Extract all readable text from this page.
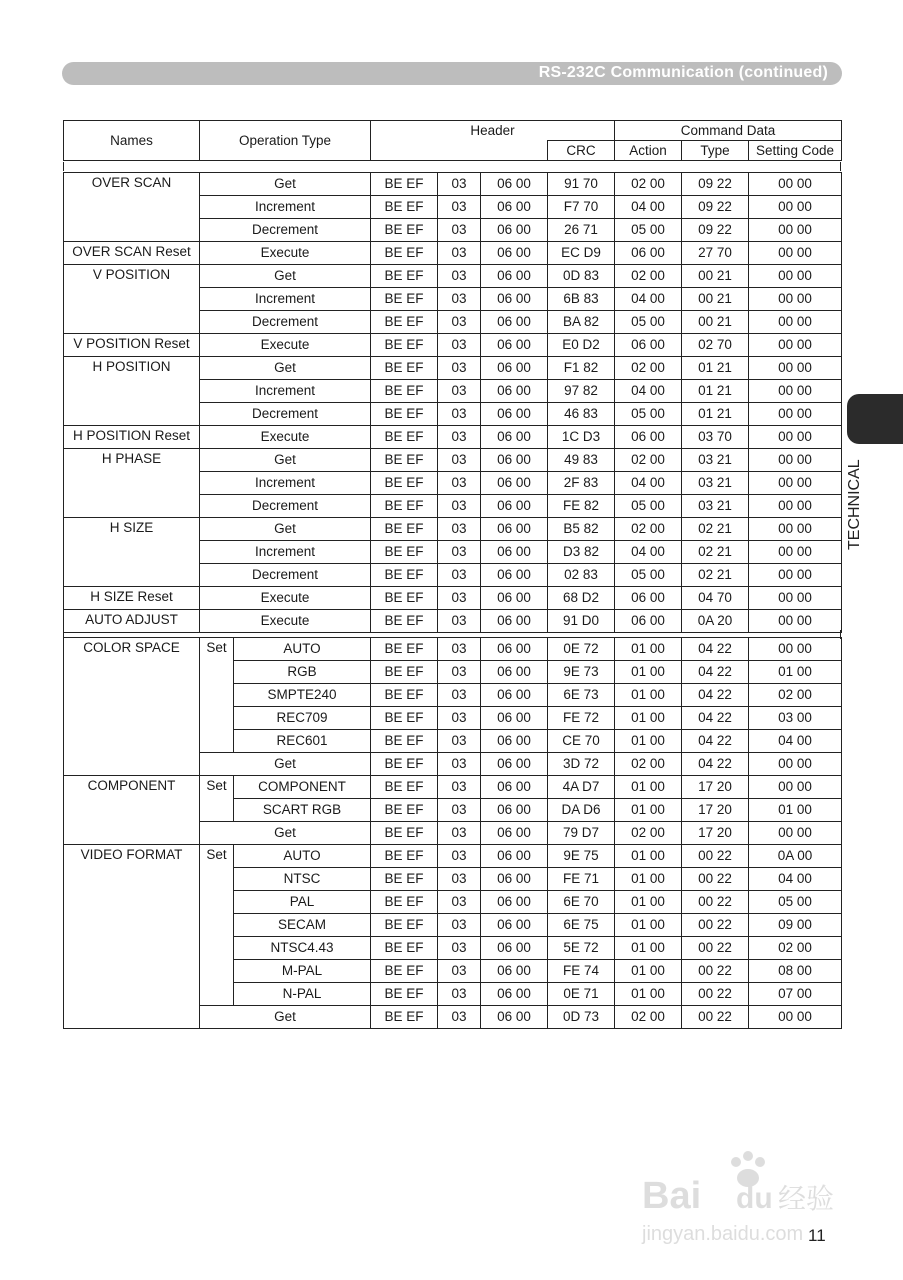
RS-232C Communication (continued)
TECHNICAL
Names	Operation Type	Header		Command Data		
			CRC	Action	Type	Setting Code
OVER SCAN	Get	BE EF	03	06 00	91 70	02 00	09 22	00 00
	Increment	BE EF	03	06 00	F7 70	04 00	09 22	00 00
	Decrement	BE EF	03	06 00	26 71	05 00	09 22	00 00
OVER SCAN Reset	Execute	BE EF	03	06 00	EC D9	06 00	27 70	00 00
V POSITION	Get	BE EF	03	06 00	0D 83	02 00	00 21	00 00
	Increment	BE EF	03	06 00	6B 83	04 00	00 21	00 00
	Decrement	BE EF	03	06 00	BA 82	05 00	00 21	00 00
V POSITION Reset	Execute	BE EF	03	06 00	E0 D2	06 00	02 70	00 00
H POSITION	Get	BE EF	03	06 00	F1 82	02 00	01 21	00 00
	Increment	BE EF	03	06 00	97 82	04 00	01 21	00 00
	Decrement	BE EF	03	06 00	46 83	05 00	01 21	00 00
H POSITION Reset	Execute	BE EF	03	06 00	1C D3	06 00	03 70	00 00
H PHASE	Get	BE EF	03	06 00	49 83	02 00	03 21	00 00
	Increment	BE EF	03	06 00	2F 83	04 00	03 21	00 00
	Decrement	BE EF	03	06 00	FE 82	05 00	03 21	00 00
H SIZE	Get	BE EF	03	06 00	B5 82	02 00	02 21	00 00
	Increment	BE EF	03	06 00	D3 82	04 00	02 21	00 00
	Decrement	BE EF	03	06 00	02 83	05 00	02 21	00 00
H SIZE Reset	Execute	BE EF	03	06 00	68 D2	06 00	04 70	00 00
AUTO ADJUST	Execute	BE EF	03	06 00	91 D0	06 00	0A 20	00 00
COLOR SPACE	Set	AUTO	BE EF	03	06 00	0E 72	01 00	04 22	00 00
		RGB	BE EF	03	06 00	9E 73	01 00	04 22	01 00
		SMPTE240	BE EF	03	06 00	6E 73	01 00	04 22	02 00
		REC709	BE EF	03	06 00	FE 72	01 00	04 22	03 00
		REC601	BE EF	03	06 00	CE 70	01 00	04 22	04 00
	Get		BE EF	03	06 00	3D 72	02 00	04 22	00 00
COMPONENT	Set	COMPONENT	BE EF	03	06 00	4A D7	01 00	17 20	00 00
		SCART RGB	BE EF	03	06 00	DA D6	01 00	17 20	01 00
	Get		BE EF	03	06 00	79 D7	02 00	17 20	00 00
VIDEO FORMAT	Set	AUTO	BE EF	03	06 00	9E 75	01 00	00 22	0A 00
		NTSC	BE EF	03	06 00	FE 71	01 00	00 22	04 00
		PAL	BE EF	03	06 00	6E 70	01 00	00 22	05 00
		SECAM	BE EF	03	06 00	6E 75	01 00	00 22	09 00
		NTSC4.43	BE EF	03	06 00	5E 72	01 00	00 22	02 00
		M-PAL	BE EF	03	06 00	FE 74	01 00	00 22	08 00
		N-PAL	BE EF	03	06 00	0E 71	01 00	00 22	07 00
	Get		BE EF	03	06 00	0D 73	02 00	00 22	00 00
Bai du 经验
jingyan.baidu.com 11
